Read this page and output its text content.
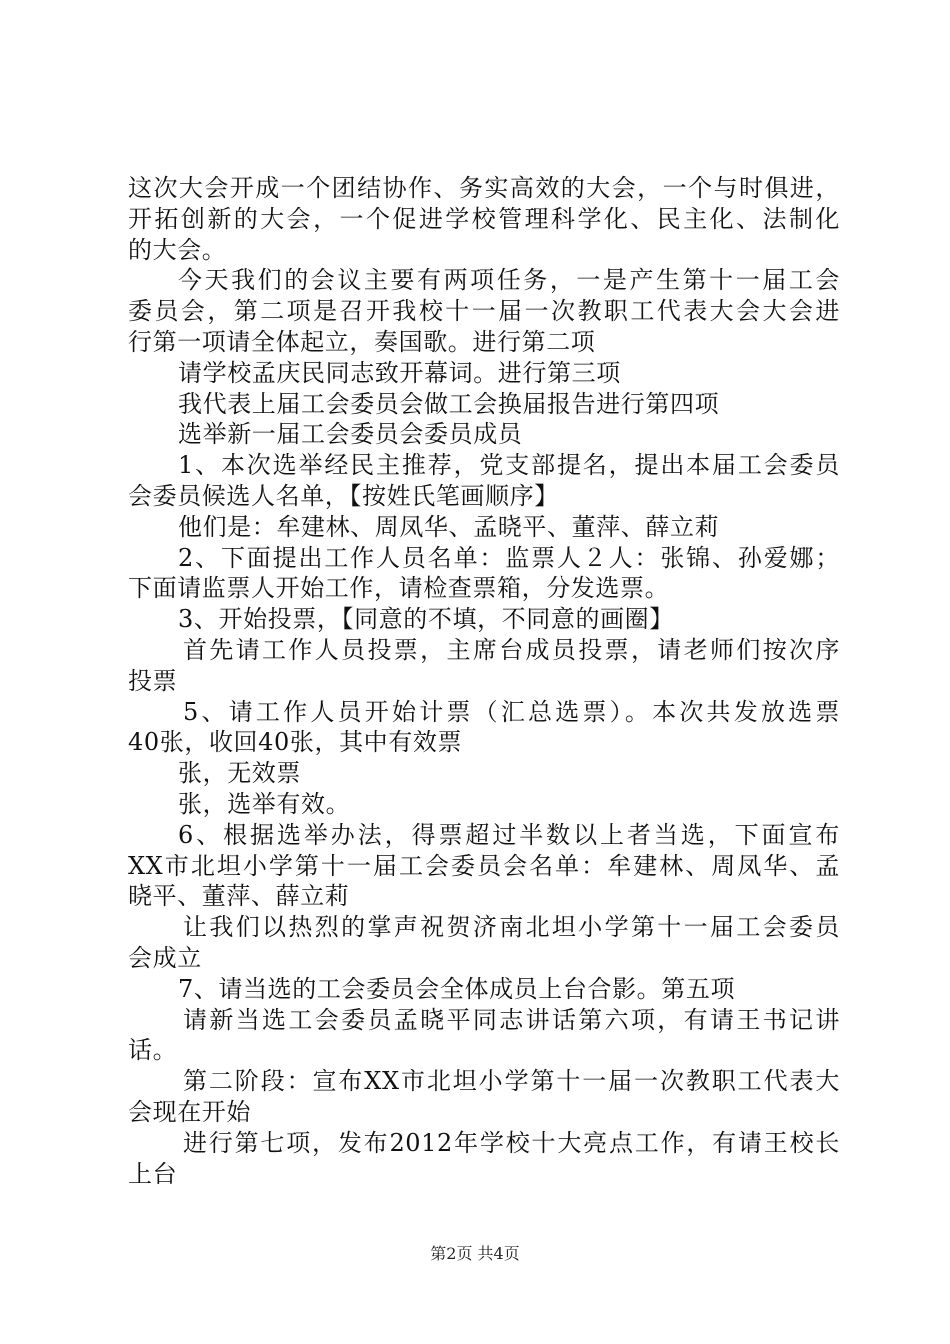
这次大会开成一个团结协作、务实高效的大会，一个与时俱进，
开拓创新的大会，一个促进学校管理科学化、民主化、法制化
的大会。
今天我们的会议主要有两项任务，一是产生第十一届工会
委员会，第二项是召开我校十一届一次教职工代表大会大会进
行第一项请全体起立，奏国歌。进行第二项
请学校孟庆民同志致开幕词。进行第三项
我代表上届工会委员会做工会换届报告进行第四项
选举新一届工会委员会委员成员
1、本次选举经民主推荐，党支部提名，提出本届工会委员
会委员候选人名单，【按姓氏笔画顺序】
他们是：牟建林、周凤华、孟晓平、董萍、薛立莉
2、下面提出工作人员名单：监票人２人：张锦、孙爱娜；
下面请监票人开始工作，请检查票箱，分发选票。
3、开始投票，【同意的不填，不同意的画圈】
首先请工作人员投票，主席台成员投票，请老师们按次序
投票
5、请工作人员开始计票（汇总选票）。本次共发放选票
40张，收回40张，其中有效票
张，无效票
张，选举有效。
6、根据选举办法，得票超过半数以上者当选，下面宣布
XX市北坦小学第十一届工会委员会名单：牟建林、周凤华、孟
晓平、董萍、薛立莉
让我们以热烈的掌声祝贺济南北坦小学第十一届工会委员
会成立
7、请当选的工会委员会全体成员上台合影。第五项
请新当选工会委员孟晓平同志讲话第六项，有请王书记讲
话。
第二阶段：宣布XX市北坦小学第十一届一次教职工代表大
会现在开始
进行第七项，发布2012年学校十大亮点工作，有请王校长
上台
第2页 共4页
